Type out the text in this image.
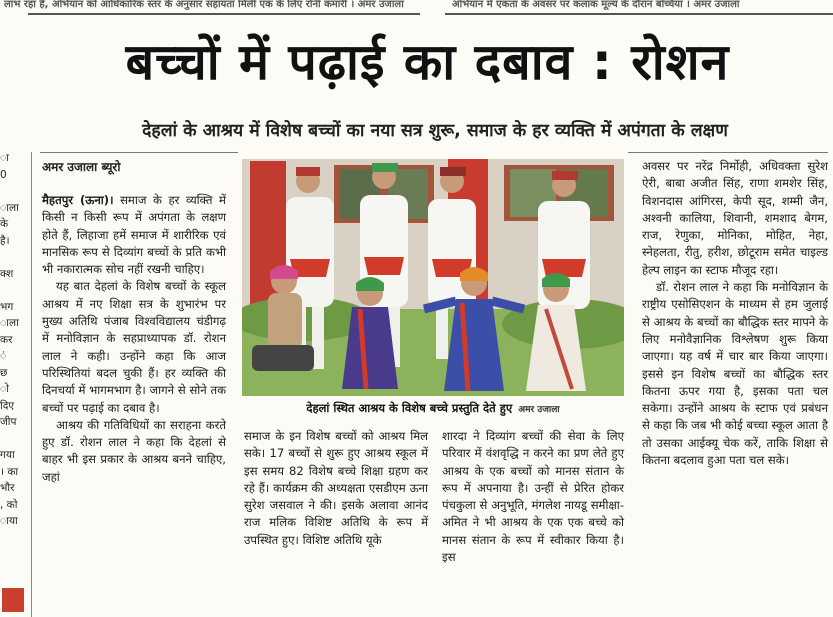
लाभ रहा है, अभियान को आधिकारिक स्तर के अनुसार सहायता मिली एक के लिए रोनी कमारी । अमर उजाला	अभियान में एकता के अवसर पर कलाक मूल्य के दौरान बच्चियां । अमर उजाला
बच्चों में पढ़ाई का दबाव : रोशन
देहलां के आश्रय में विशेष बच्चों का नया सत्र शुरू, समाज के हर व्यक्ति में अपंगता के लक्षण
ा
0

ाला
के
है।

क्श

भग
ाला
कर
ं
छ
ो
दिए
जीप

गया
। का
भौर
, को
ाया
अमर उजाला ब्यूरो

मैहतपुर (ऊना)। समाज के हर व्यक्ति में किसी न किसी रूप में अपंगता के लक्षण होते हैं, लिहाजा हमें समाज में शारीरिक एवं मानसिक रूप से दिव्यांग बच्चों के प्रति कभी भी नकारात्मक सोच नहीं रखनी चाहिए।

यह बात देहलां के विशेष बच्चों के स्कूल आश्रय में नए शिक्षा सत्र के शुभारंभ पर मुख्य अतिथि पंजाब विश्वविद्यालय चंडीगढ़ में मनोविज्ञान के सहप्राध्यापक डॉ. रोशन लाल ने कही। उन्होंने कहा कि आज परिस्थितियां बदल चुकी हैं। हर व्यक्ति की दिनचर्या में भागमभाग है। जागने से सोने तक बच्चों पर पढ़ाई का दबाव है।

आश्रय की गतिविधियों का सराहना करते हुए डॉ. रोशन लाल ने कहा कि देहलां से बाहर भी इस प्रकार के आश्रय बनने चाहिए, जहां

देहलां स्थित आश्रय के विशेष बच्चे प्रस्तुति देते हुए अमर उजाला

समाज के इन विशेष बच्चों को आश्रय मिल सके। 17 बच्चों से शुरू हुए आश्रय स्कूल में इस समय 82 विशेष बच्चे शिक्षा ग्रहण कर रहे हैं। कार्यक्रम की अध्यक्षता एसडीएम ऊना सुरेश जसवाल ने की। इसके अलावा आनंद राज मलिक विशिष्ट अतिथि के रूप में उपस्थित हुए। विशिष्ट अतिथि यूके

शारदा ने दिव्यांग बच्चों की सेवा के लिए परिवार में वंशवृद्धि न करने का प्रण लेते हुए आश्रय के एक बच्चों को मानस संतान के रूप में अपनाया है। उन्हीं से प्रेरित होकर पंचकुला से अनुभूति, मंगलेश नायडू समीक्षा-अमित ने भी आश्रय के एक एक बच्चे को मानस संतान के रूप में स्वीकार किया है। इस

अवसर पर नरेंद्र निर्मोही, अधिवक्ता सुरेश ऐरी, बाबा अजीत सिंह, राणा शमशेर सिंह, विशनदास आंगिरस, केपी सूद, शम्मी जैन, अश्वनी कालिया, शिवानी, शमशाद बेगम, राज, रेणुका, मोनिका, मोहित, नेहा, स्नेहलता, रीतु, हरीश, छोटूराम समेत चाइल्ड हेल्प लाइन का स्टाफ मौजूद रहा।

डॉ. रोशन लाल ने कहा कि मनोविज्ञान के राष्ट्रीय एसोसिएशन के माध्यम से हम जुलाई से आश्रय के बच्चों का बौद्धिक स्तर मापने के लिए मनोवैज्ञानिक विश्लेषण शुरू किया जाएगा। यह वर्ष में चार बार किया जाएगा। इससे इन विशेष बच्चों का बौद्धिक स्तर कितना ऊपर गया है, इसका पता चल सकेगा। उन्होंने आश्रय के स्टाफ एवं प्रबंधन से कहा कि जब भी कोई बच्चा स्कूल आता है तो उसका आईक्यू चेक करें, ताकि शिक्षा से कितना बदलाव हुआ पता चल सके।
